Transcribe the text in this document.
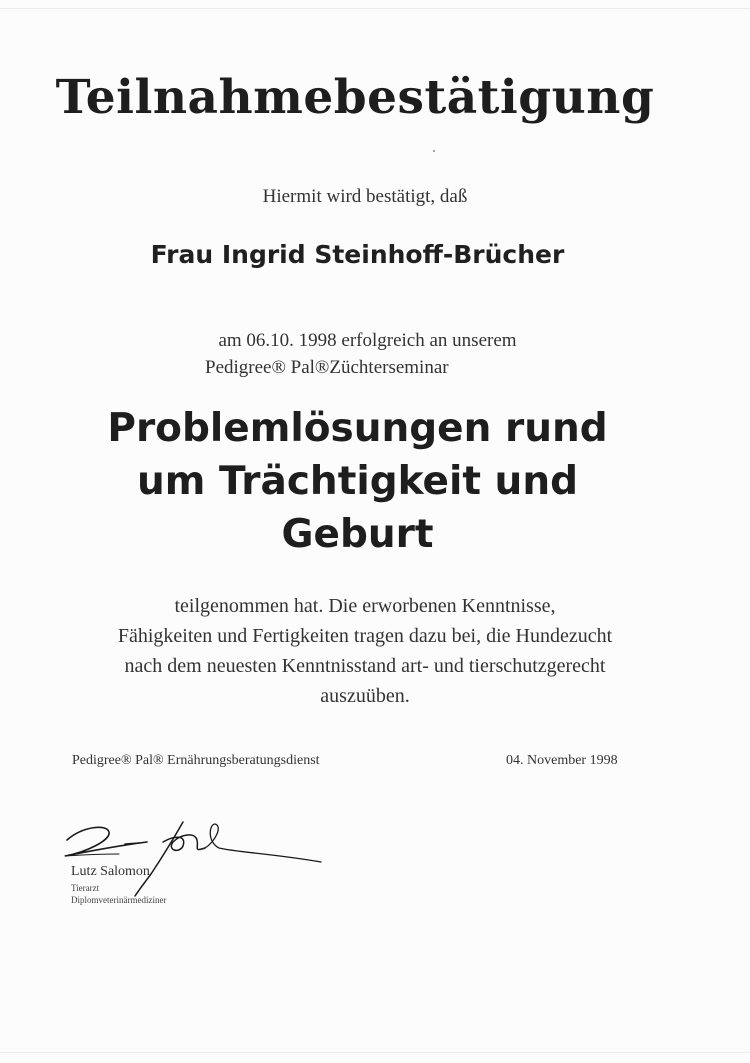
Teilnahmebestätigung
Hiermit wird bestätigt, daß
Frau Ingrid Steinhoff-Brücher
am 06.10. 1998 erfolgreich an unserem
Pedigree® Pal®Züchterseminar
Problemlösungen rund
um Trächtigkeit und
Geburt
teilgenommen hat. Die erworbenen Kenntnisse,
Fähigkeiten und Fertigkeiten tragen dazu bei, die Hundezucht
nach dem neuesten Kenntnisstand art- und tierschutzgerecht
auszuüben.
Pedigree® Pal® Ernährungsberatungsdienst	04. November 1998
Lutz Salomon
Tierarzt
Diplomveterinärmediziner
